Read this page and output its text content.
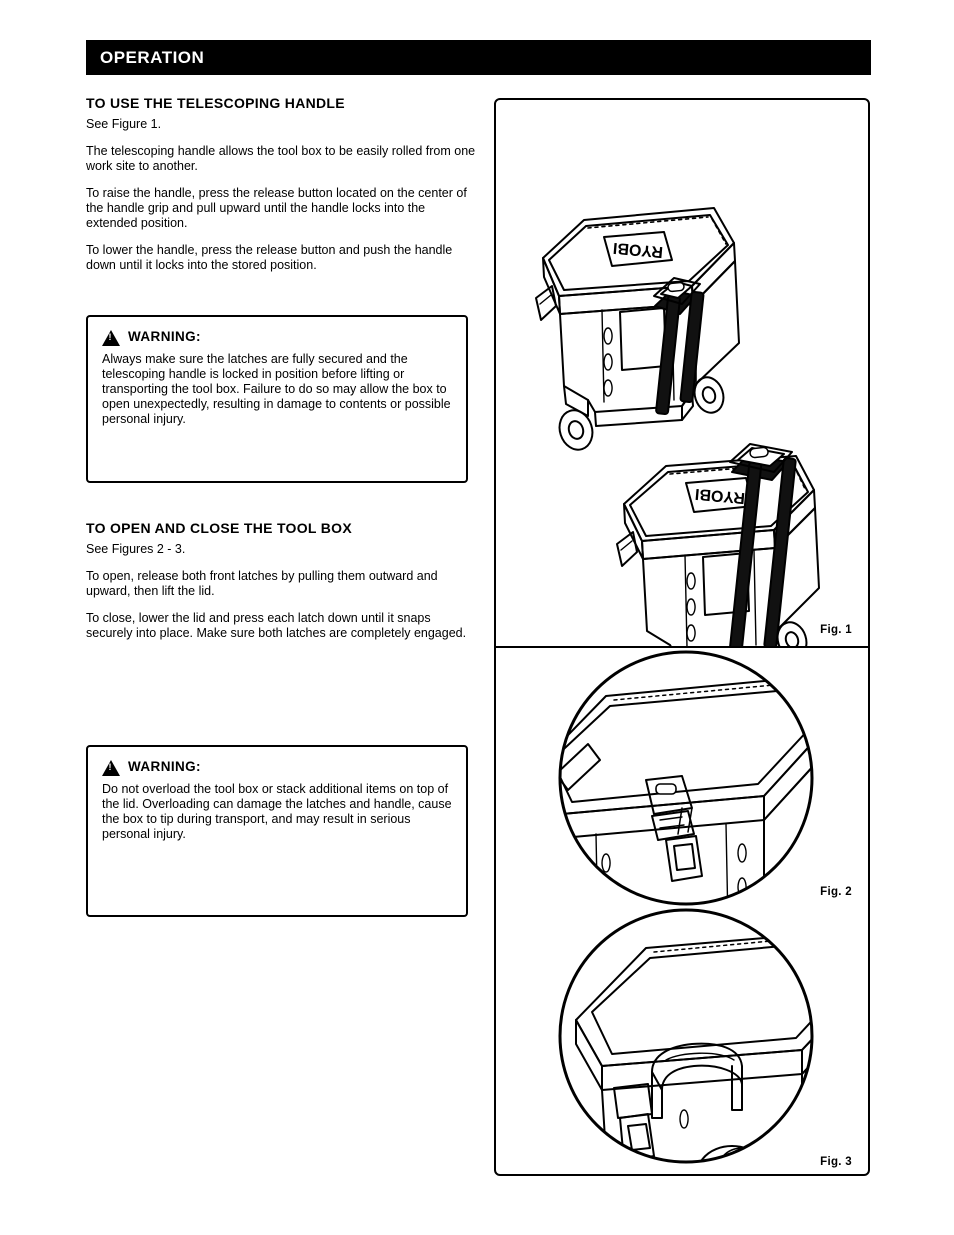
OPERATION
TO USE THE TELESCOPING HANDLE

See Figure 1.

The telescoping handle allows the tool box to be easily rolled from one work site to another.

To raise the handle, press the release button located on the center of the handle grip and pull upward until the handle locks into the extended position.

To lower the handle, press the release button and push the handle down until it locks into the stored position.

!
WARNING:

Always make sure the latches are fully secured and the telescoping handle is locked in position before lifting or transporting the tool box. Failure to do so may allow the box to open unexpectedly, resulting in damage to contents or possible personal injury.

TO OPEN AND CLOSE THE TOOL BOX

See Figures 2 - 3.

To open, release both front latches by pulling them outward and upward, then lift the lid.

To close, lower the lid and press each latch down until it snaps securely into place. Make sure both latches are completely engaged.

!
WARNING:

Do not overload the tool box or stack additional items on top of the lid. Overloading can damage the latches and handle, cause the box to tip during transport, and may result in serious personal injury.

RYOBI
RYOBI
Fig. 1
Fig. 2
Fig. 3
